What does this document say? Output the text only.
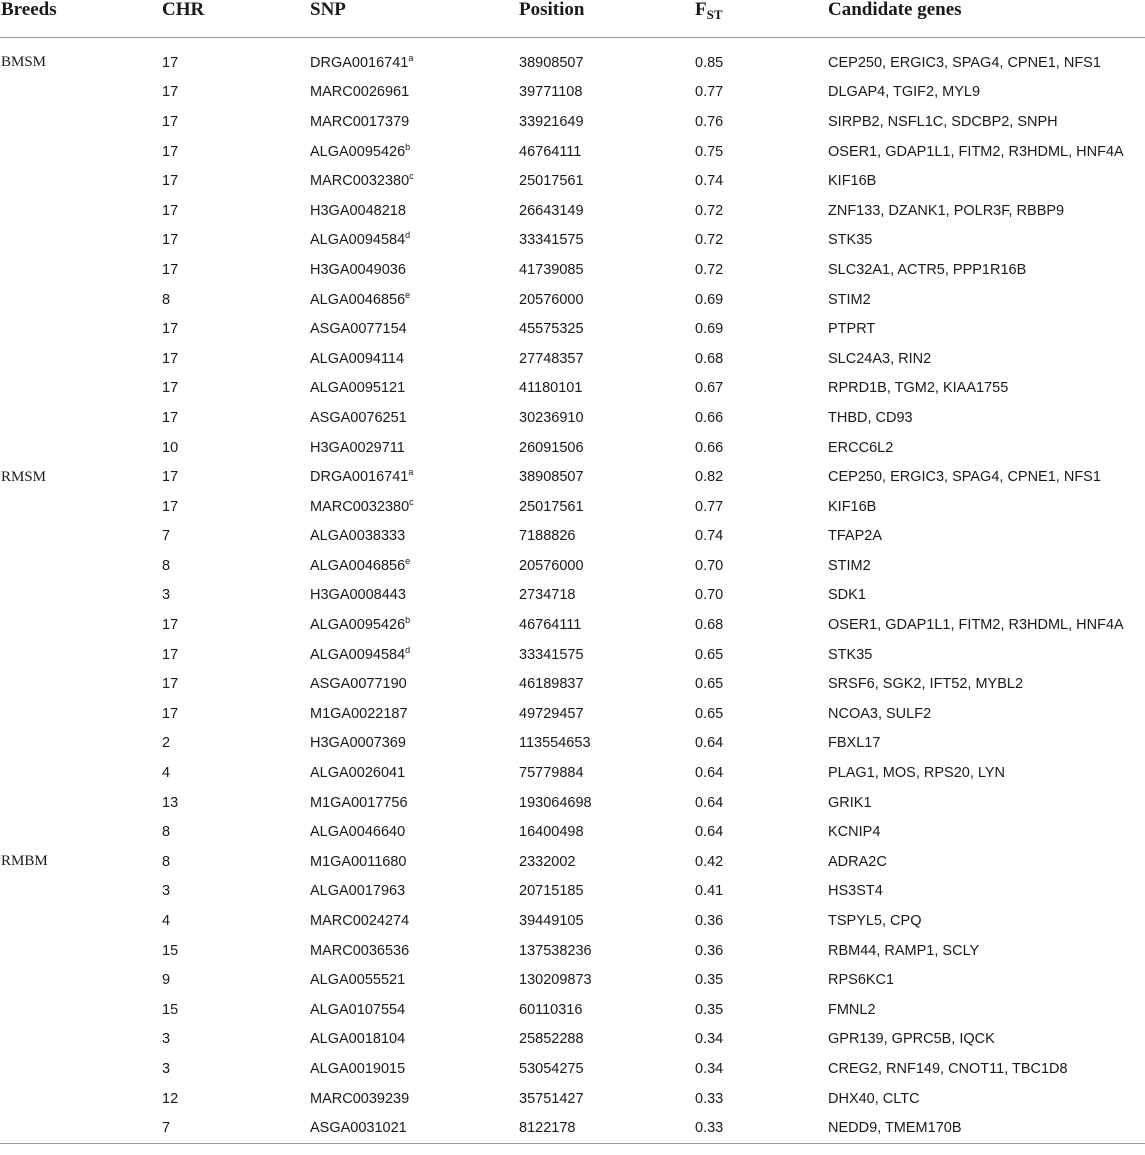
Breeds	CHR	SNP	Position	$F_{ST}$	Candidate genes
BMSM	17	DRGA0016741$^a$	38908507	0.85	CEP250, ERGIC3, SPAG4, CPNE1, NFS1
	17	MARC0026961	39771108	0.77	DLGAP4, TGIF2, MYL9
	17	MARC0017379	33921649	0.76	SIRPB2, NSFL1C, SDCBP2, SNPH
	17	ALGA0095426$^b$	46764111	0.75	OSER1, GDAP1L1, FITM2, R3HDML, HNF4A
	17	MARC0032380$^c$	25017561	0.74	KIF16B
	17	H3GA0048218	26643149	0.72	ZNF133, DZANK1, POLR3F, RBBP9
	17	ALGA0094584$^d$	33341575	0.72	STK35
	17	H3GA0049036	41739085	0.72	SLC32A1, ACTR5, PPP1R16B
	8	ALGA0046856e	20576000	0.69	STIM2
	17	ASGA0077154	45575325	0.69	PTPRT
	17	ALGA0094114	27748357	0.68	SLC24A3, RIN2
	17	ALGA0095121	41180101	0.67	RPRD1B, TGM2, KIAA1755
	17	ASGA0076251	30236910	0.66	THBD, CD93
	10	H3GA0029711	26091506	0.66	ERCC6L2
RMSM	17	DRGA0016741$^a$	38908507	0.82	CEP250, ERGIC3, SPAG4, CPNE1, NFS1
	17	MARC0032380$^c$	25017561	0.77	KIF16B
	7	ALGA0038333	7188826	0.74	TFAP2A
	8	ALGA0046856e	20576000	0.70	STIM2
	3	H3GA0008443	2734718	0.70	SDK1
	17	ALGA0095426$^b$	46764111	0.68	OSER1, GDAP1L1, FITM2, R3HDML, HNF4A
	17	ALGA0094584$^d$	33341575	0.65	STK35
	17	ASGA0077190	46189837	0.65	SRSF6, SGK2, IFT52, MYBL2
	17	M1GA0022187	49729457	0.65	NCOA3, SULF2
	2	H3GA0007369	113554653	0.64	FBXL17
	4	ALGA0026041	75779884	0.64	PLAG1, MOS, RPS20, LYN
	13	M1GA0017756	193064698	0.64	GRIK1
	8	ALGA0046640	16400498	0.64	KCNIP4
RMBM	8	M1GA0011680	2332002	0.42	ADRA2C
	3	ALGA0017963	20715185	0.41	HS3ST4
	4	MARC0024274	39449105	0.36	TSPYL5, CPQ
	15	MARC0036536	137538236	0.36	RBM44, RAMP1, SCLY
	9	ALGA0055521	130209873	0.35	RPS6KC1
	15	ALGA0107554	60110316	0.35	FMNL2
	3	ALGA0018104	25852288	0.34	GPR139, GPRC5B, IQCK
	3	ALGA0019015	53054275	0.34	CREG2, RNF149, CNOT11, TBC1D8
	12	MARC0039239	35751427	0.33	DHX40, CLTC
	7	ASGA0031021	8122178	0.33	NEDD9, TMEM170B
